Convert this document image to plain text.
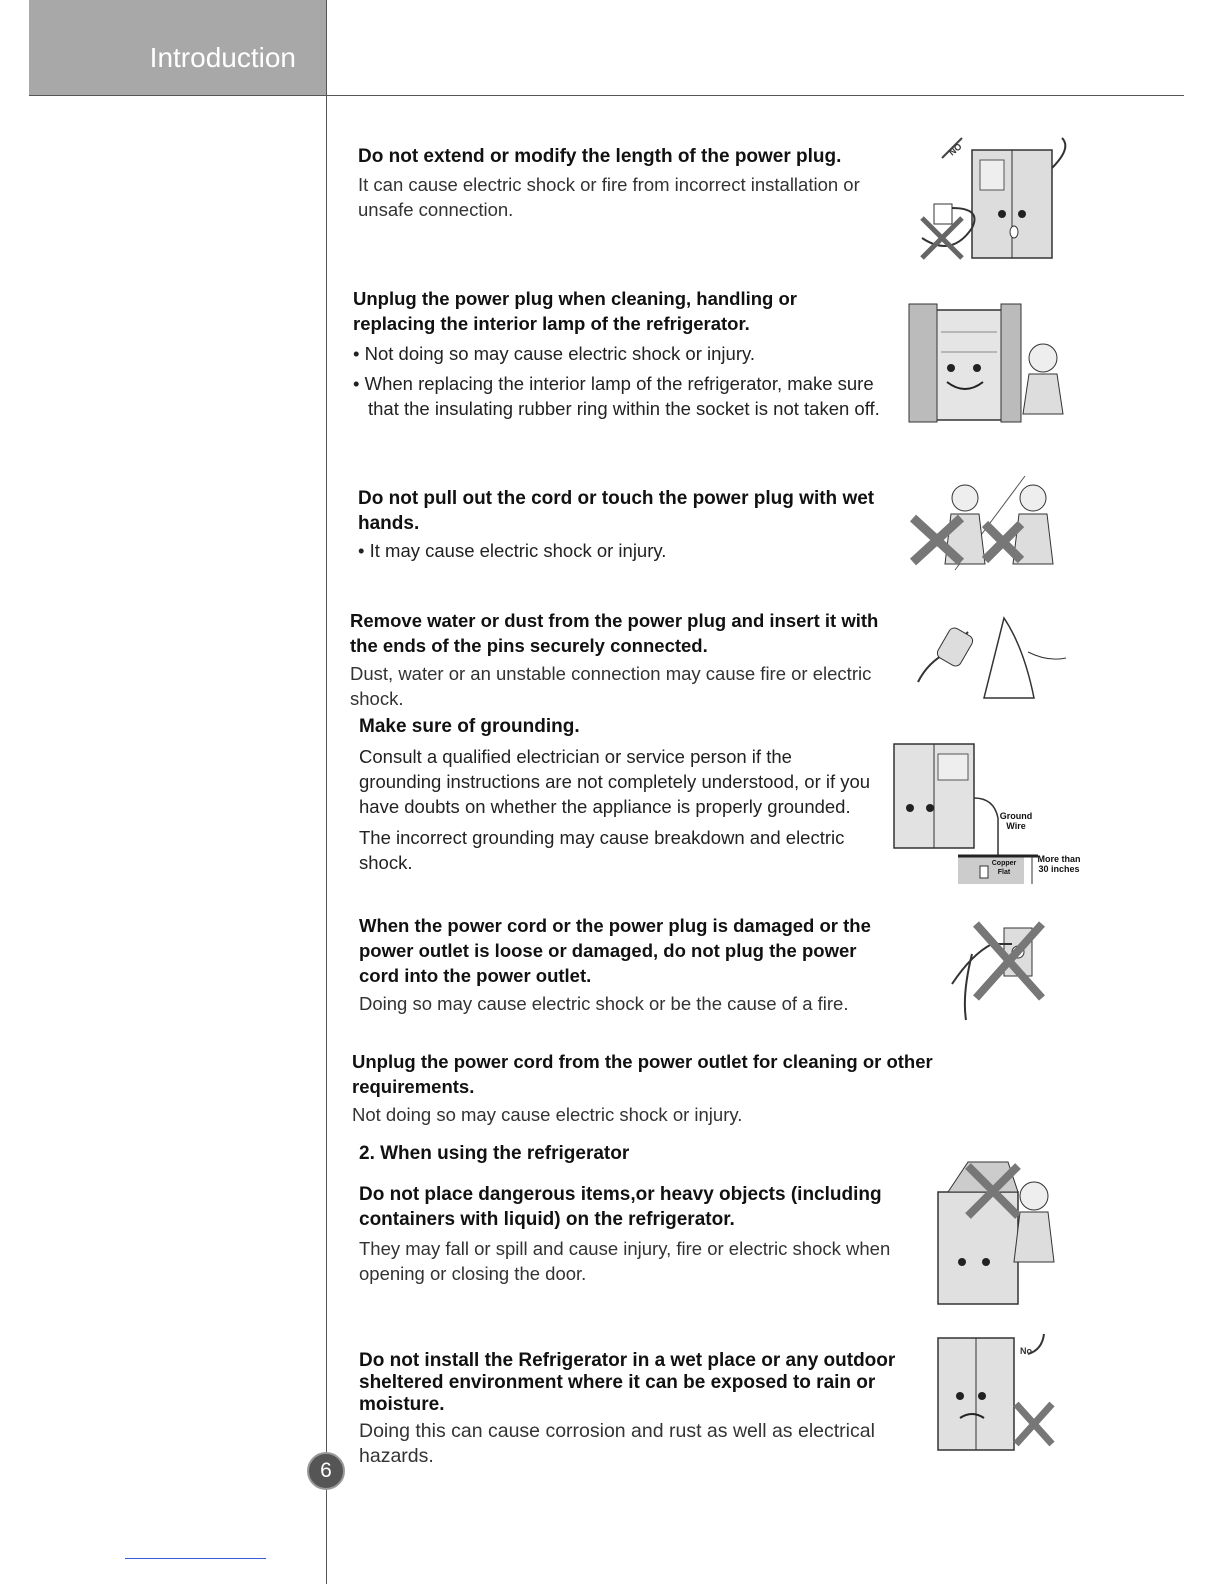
Introduction

Do not extend or modify the length of the power plug.

It can cause electric shock or fire from incorrect installation or unsafe connection.

NO

Unplug the power plug when cleaning, handling or replacing the interior lamp of the refrigerator.

• Not doing so may cause electric shock or injury.

• When replacing the interior lamp of the refrigerator, make sure that the insulating rubber ring within the socket is not taken off.

Do not pull out the cord or touch the power plug with wet hands.

• It may cause electric shock or injury.

Remove water or dust from the power plug and insert it with the ends of the pins securely connected.

Dust, water or an unstable connection may cause fire or electric shock.

Make sure of grounding.

Consult a qualified electrician or service person if the grounding instructions are not completely understood, or if you have doubts on whether the appliance is properly grounded.

The incorrect grounding may cause breakdown and electric shock.

Ground Wire
Copper Flat
More than 30 inches

When the power cord or the power plug is damaged or the power outlet is loose or damaged, do not plug the power cord into the power outlet.

Doing so may cause electric shock or be the cause of a fire.

Unplug the power cord from the power outlet for cleaning or other requirements.

Not doing so may cause electric shock or injury.

2. When using the refrigerator

Do not place dangerous items,or heavy objects (including containers with liquid) on the refrigerator.

They may fall or spill and cause injury, fire or electric shock when opening or closing the door.

Do not install the Refrigerator in a wet place or any outdoor sheltered environment where it can be exposed to rain or moisture.

Doing this can cause corrosion and rust as well as electrical hazards.

No
6
